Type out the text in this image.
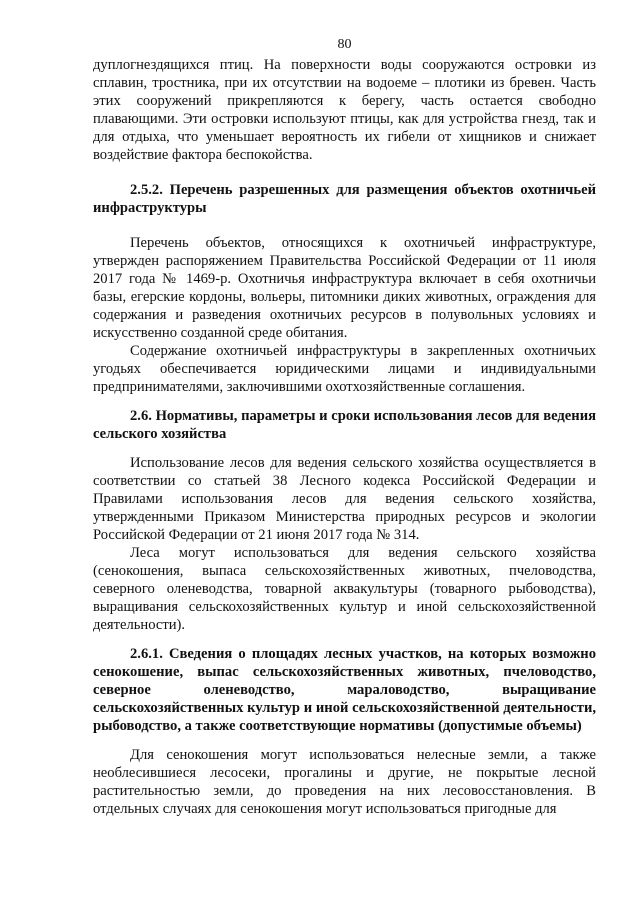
80

дуплогнездящихся птиц. На поверхности воды сооружаются островки из сплавин, тростника, при их отсутствии на водоеме – плотики из бревен. Часть этих сооружений прикрепляются к берегу, часть остается свободно плавающими. Эти островки используют птицы, как для устройства гнезд, так и для отдыха, что уменьшает вероятность их гибели от хищников и снижает воздействие фактора беспокойства.

2.5.2. Перечень разрешенных для размещения объектов охотничьей инфраструктуры

Перечень объектов, относящихся к охотничьей инфраструктуре, утвержден распоряжением Правительства Российской Федерации от 11 июля 2017 года № 1469-р. Охотничья инфраструктура включает в себя охотничьи базы, егерские кордоны, вольеры, питомники диких животных, ограждения для содержания и разведения охотничьих ресурсов в полувольных условиях и искусственно созданной среде обитания.

Содержание охотничьей инфраструктуры в закрепленных охотничьих угодьях обеспечивается юридическими лицами и индивидуальными предпринимателями, заключившими охотхозяйственные соглашения.

2.6. Нормативы, параметры и сроки использования лесов для ведения сельского хозяйства

Использование лесов для ведения сельского хозяйства осуществляется в соответствии со статьей 38 Лесного кодекса Российской Федерации и Правилами использования лесов для ведения сельского хозяйства, утвержденными Приказом Министерства природных ресурсов и экологии Российской Федерации от 21 июня 2017 года № 314.

Леса могут использоваться для ведения сельского хозяйства (сенокошения, выпаса сельскохозяйственных животных, пчеловодства, северного оленеводства, товарной аквакультуры (товарного рыбоводства), выращивания сельскохозяйственных культур и иной сельскохозяйственной деятельности).

2.6.1. Сведения о площадях лесных участков, на которых возможно сенокошение, выпас сельскохозяйственных животных, пчеловодство, северное оленеводство, мараловодство, выращивание сельскохозяйственных культур и иной сельскохозяйственной деятельности, рыбоводство, а также соответствующие нормативы (допустимые объемы)

Для сенокошения могут использоваться нелесные земли, а также необлесившиеся лесосеки, прогалины и другие, не покрытые лесной растительностью земли, до проведения на них лесовосстановления. В отдельных случаях для сенокошения могут использоваться пригодные для
